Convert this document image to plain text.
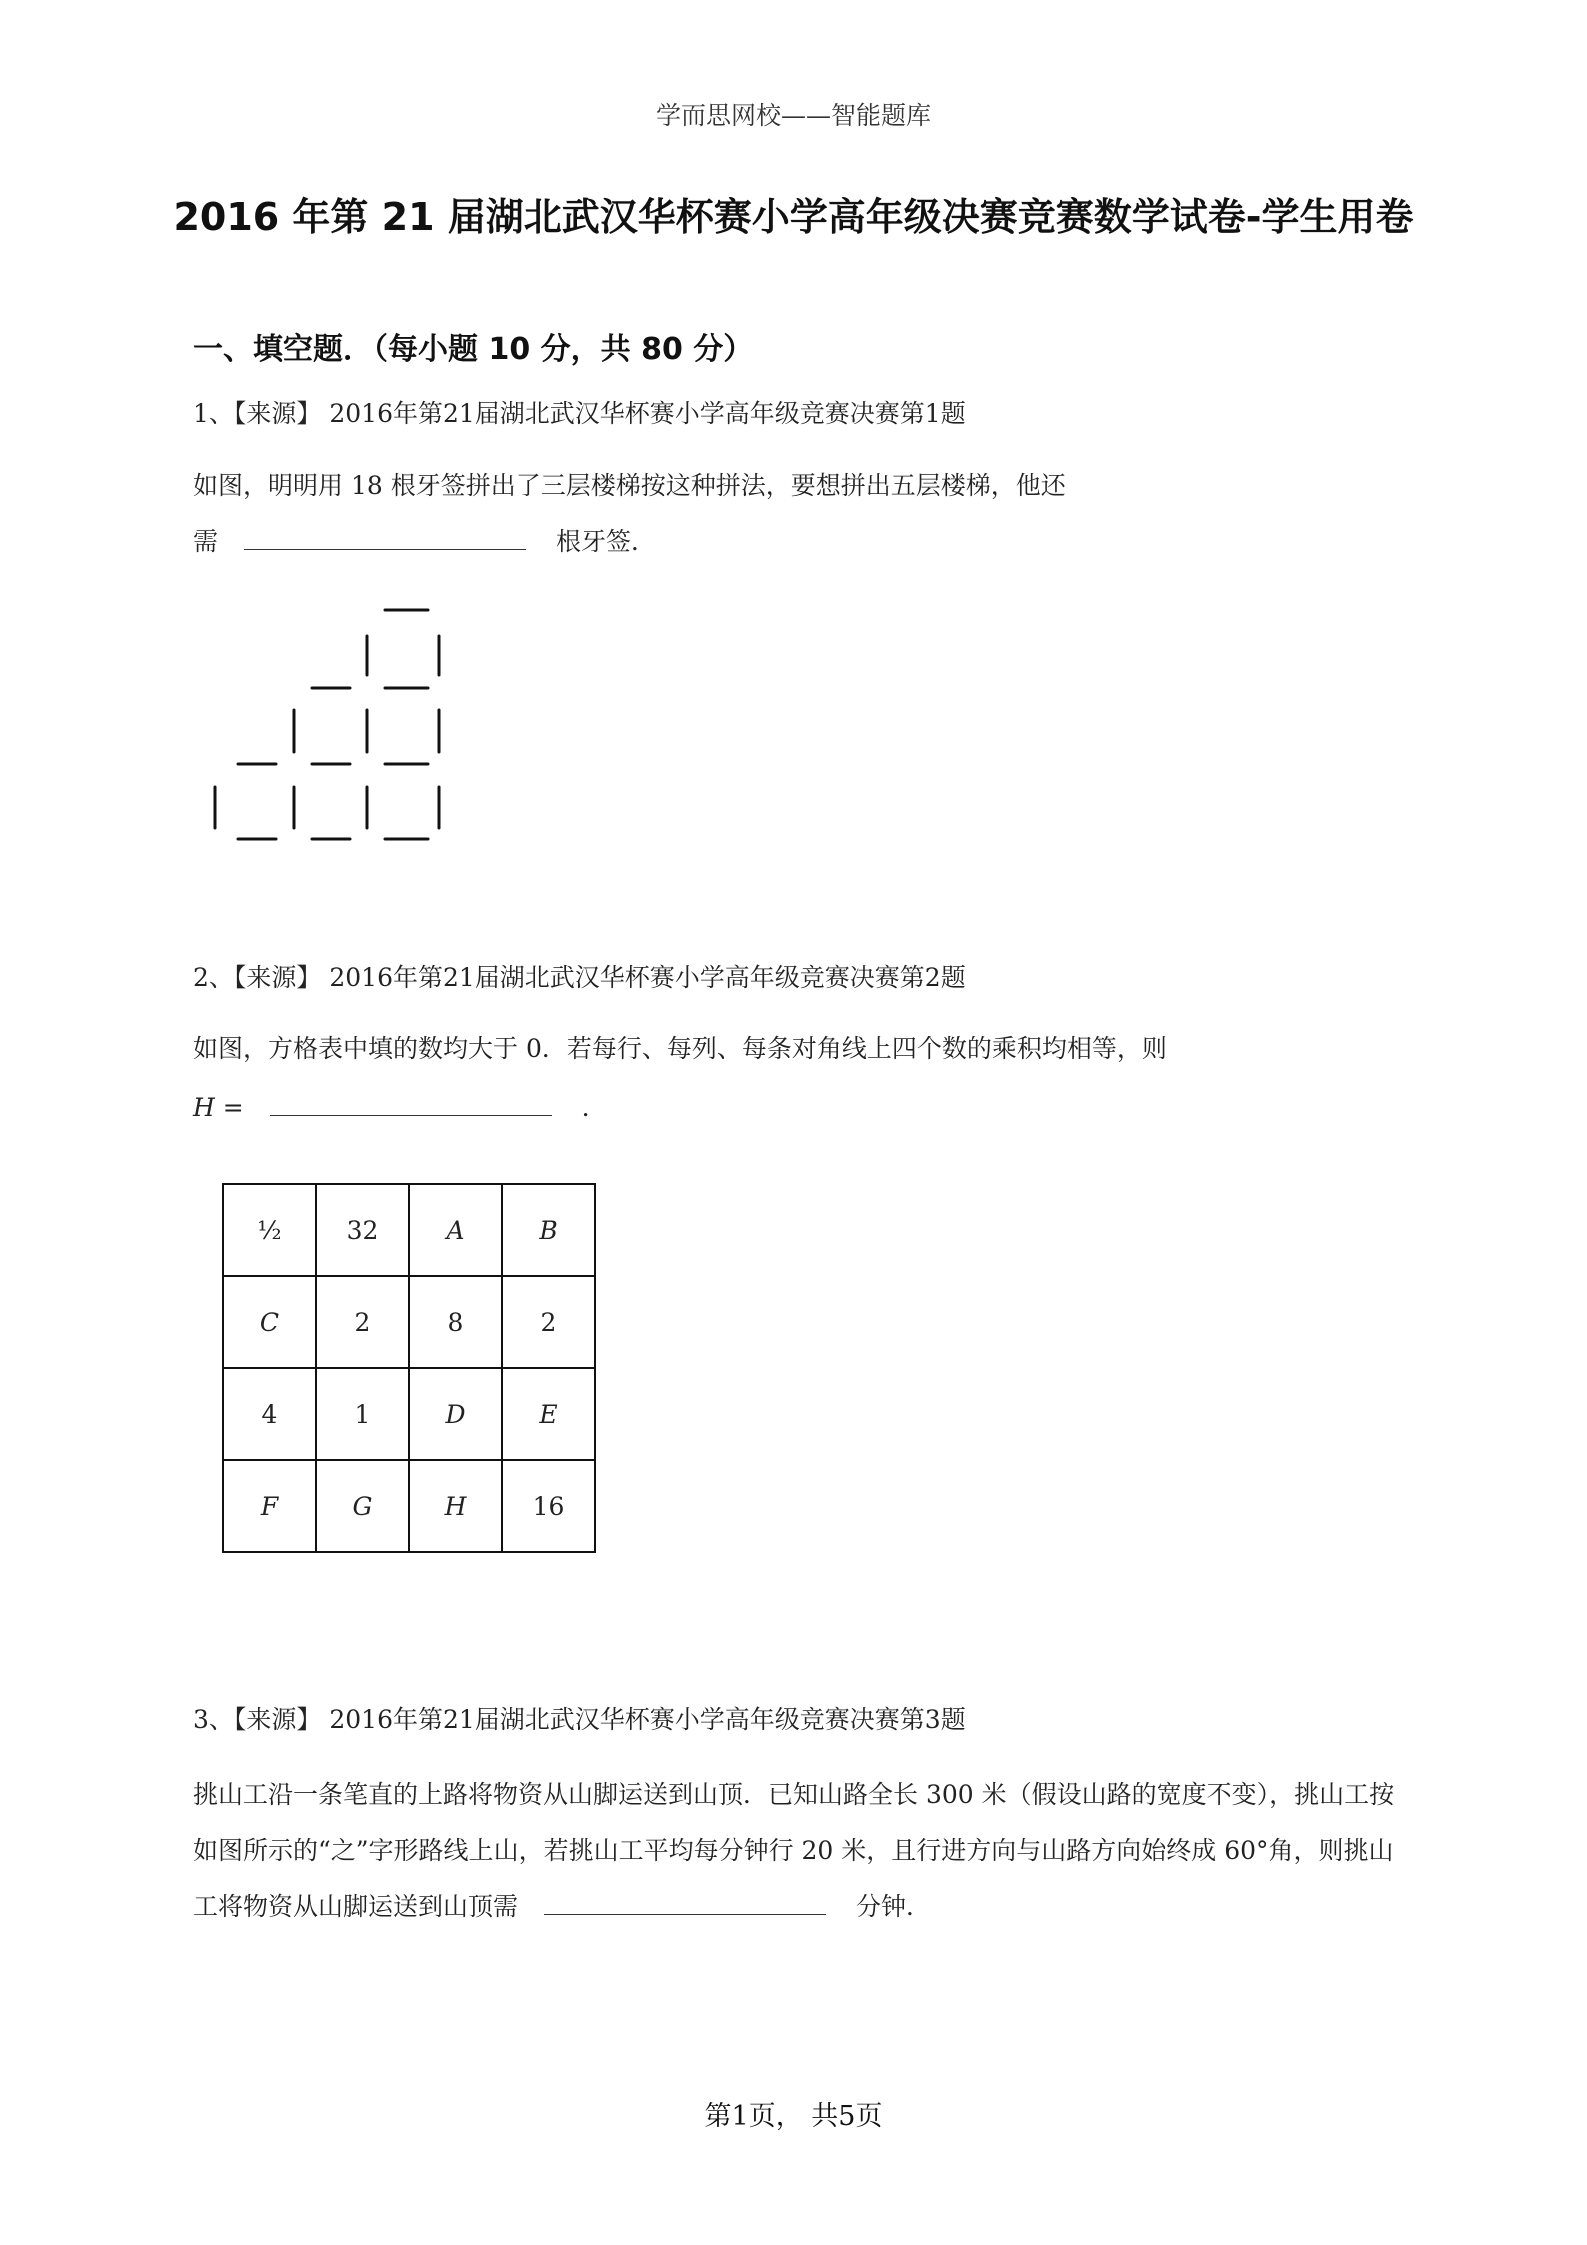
学而思网校——智能题库
2016 年第 21 届湖北武汉华杯赛小学高年级决赛竞赛数学试卷-学生用卷
一、填空题．（每小题 10 分，共 80 分）
1、【来源】 2016年第21届湖北武汉华杯赛小学高年级竞赛决赛第1题
如图，明明用 18 根牙签拼出了三层楼梯按这种拼法，要想拼出五层楼梯，他还
需	根牙签．
2、【来源】 2016年第21届湖北武汉华杯赛小学高年级竞赛决赛第2题
如图，方格表中填的数均大于 0．若每行、每列、每条对角线上四个数的乘积均相等，则
H =	．
½	32	A	B
C	2	8	2
4	1	D	E
F	G	H	16
3、【来源】 2016年第21届湖北武汉华杯赛小学高年级竞赛决赛第3题
挑山工沿一条笔直的上路将物资从山脚运送到山顶．已知山路全长 300 米（假设山路的宽度不变），挑山工按如图所示的“之”字形路线上山，若挑山工平均每分钟行 20 米，且行进方向与山路方向始终成 60°角，则挑山工将物资从山脚运送到山顶需	分钟．
第1页， 共5页
